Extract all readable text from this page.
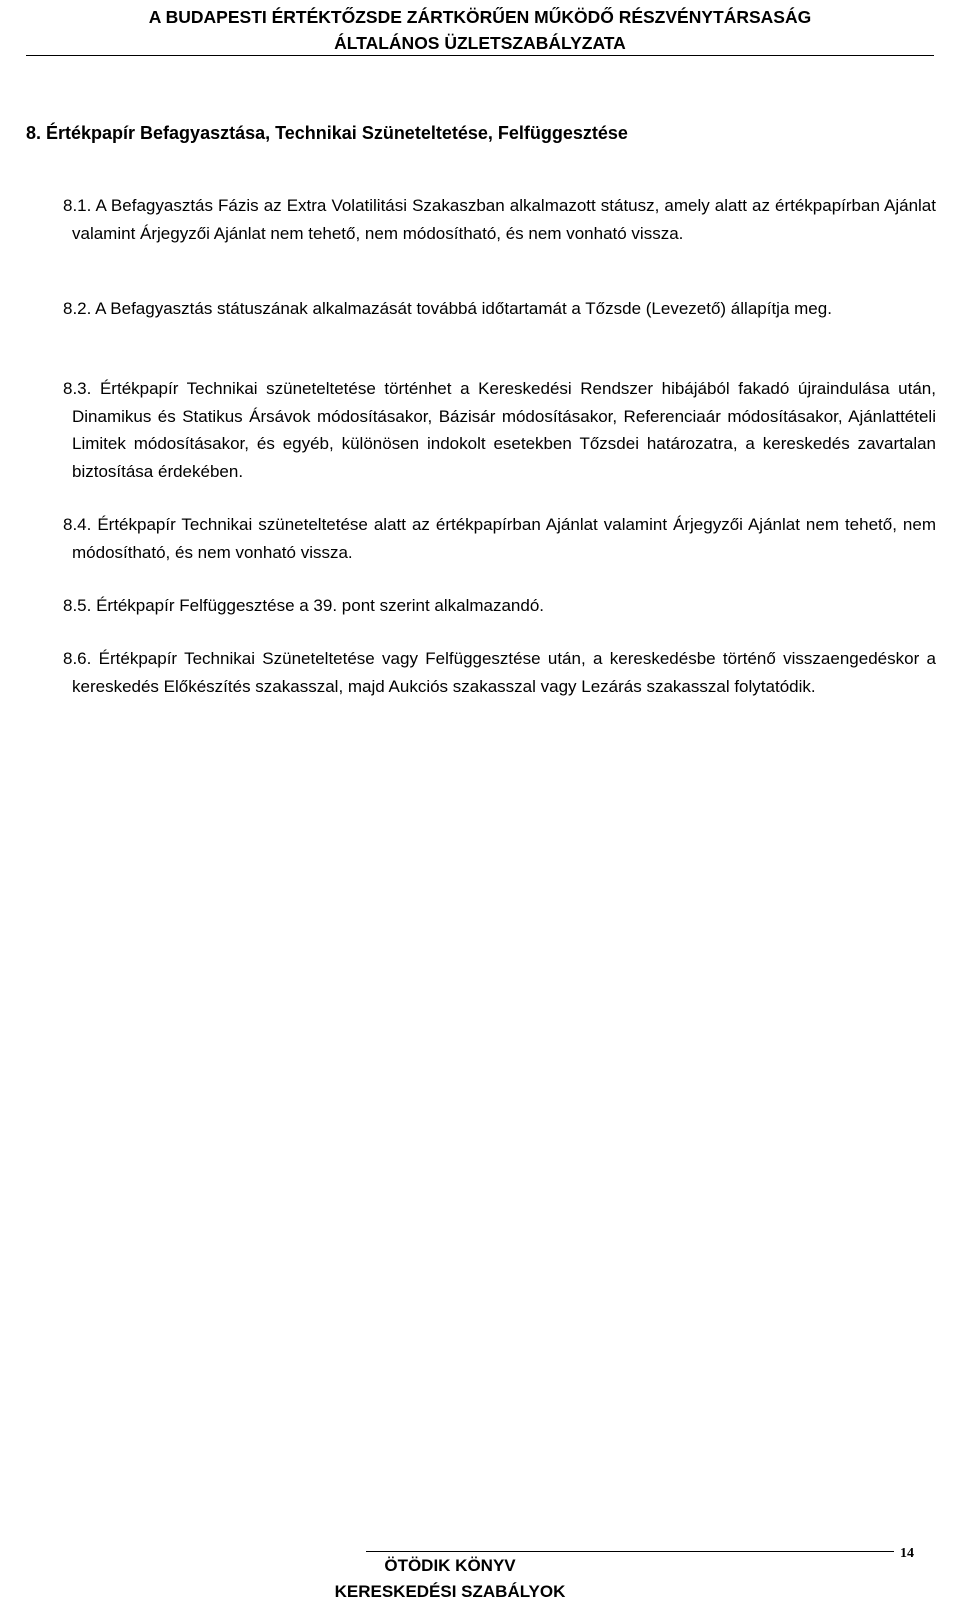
A BUDAPESTI ÉRTÉKTŐZSDE ZÁRTKÖRŰEN MŰKÖDŐ RÉSZVÉNYTÁRSASÁG
ÁLTALÁNOS ÜZLETSZABÁLYZATA
8. Értékpapír Befagyasztása, Technikai Szüneteltetése, Felfüggesztése
8.1. A Befagyasztás Fázis az Extra Volatilitási Szakaszban alkalmazott státusz, amely alatt az értékpapírban Ajánlat valamint Árjegyzői Ajánlat nem tehető, nem módosítható, és nem vonható vissza.
8.2. A Befagyasztás státuszának alkalmazását továbbá időtartamát a Tőzsde (Levezető) állapítja meg.
8.3. Értékpapír Technikai szüneteltetése történhet a Kereskedési Rendszer hibájából fakadó újraindulása után, Dinamikus és Statikus Ársávok módosításakor, Bázisár módosításakor, Referenciaár módosításakor, Ajánlattételi Limitek módosításakor, és egyéb, különösen indokolt esetekben Tőzsdei határozatra, a kereskedés zavartalan biztosítása érdekében.
8.4. Értékpapír Technikai szüneteltetése alatt az értékpapírban Ajánlat valamint Árjegyzői Ajánlat nem tehető, nem módosítható, és nem vonható vissza.
8.5. Értékpapír Felfüggesztése a 39. pont szerint alkalmazandó.
8.6. Értékpapír Technikai Szüneteltetése vagy Felfüggesztése után, a kereskedésbe történő visszaengedéskor a kereskedés Előkészítés szakasszal, majd Aukciós szakasszal vagy Lezárás szakasszal folytatódik.
ÖTÖDIK KÖNYV
KERESKEDÉSI SZABÁLYOK
14
